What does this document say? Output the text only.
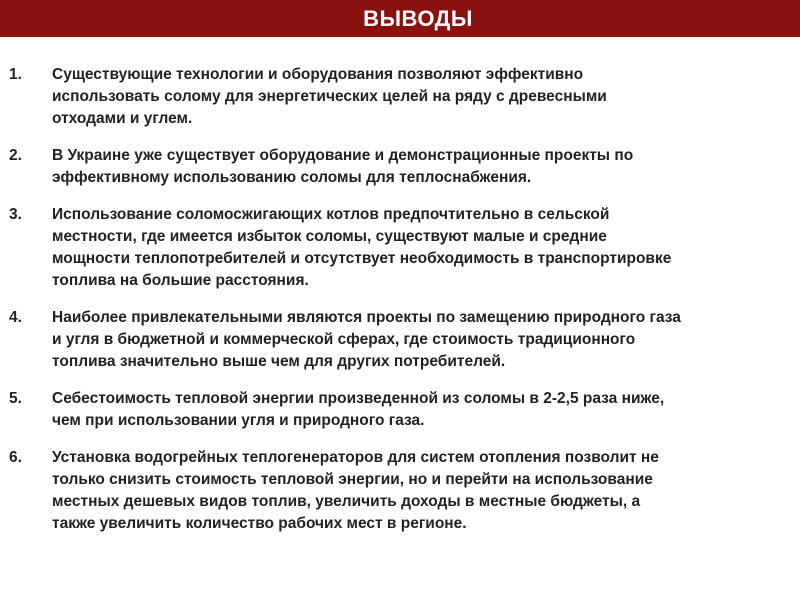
ВЫВОДЫ
1. Существующие технологии и оборудования позволяют эффективно
использовать солому для энергетических целей на ряду с древесными
отходами и углем.
2. В Украине уже существует оборудование и демонстрационные проекты по
эффективному использованию соломы для теплоснабжения.
3. Использование соломосжигающих котлов предпочтительно в сельской
местности, где имеется избыток соломы, существуют малые и средние
мощности теплопотребителей и отсутствует необходимость в транспортировке
топлива на большие расстояния.
4. Наиболее привлекательными являются проекты по замещению природного газа
и угля в бюджетной и коммерческой сферах, где стоимость традиционного
топлива значительно выше чем для других потребителей.
5. Себестоимость тепловой энергии произведенной из соломы в 2-2,5 раза ниже,
чем при использовании угля и природного газа.
6. Установка водогрейных теплогенераторов для систем отопления позволит не
только снизить стоимость тепловой энергии, но и перейти на использование
местных дешевых видов топлив, увеличить доходы в местные бюджеты, а
также увеличить количество рабочих мест в регионе.
